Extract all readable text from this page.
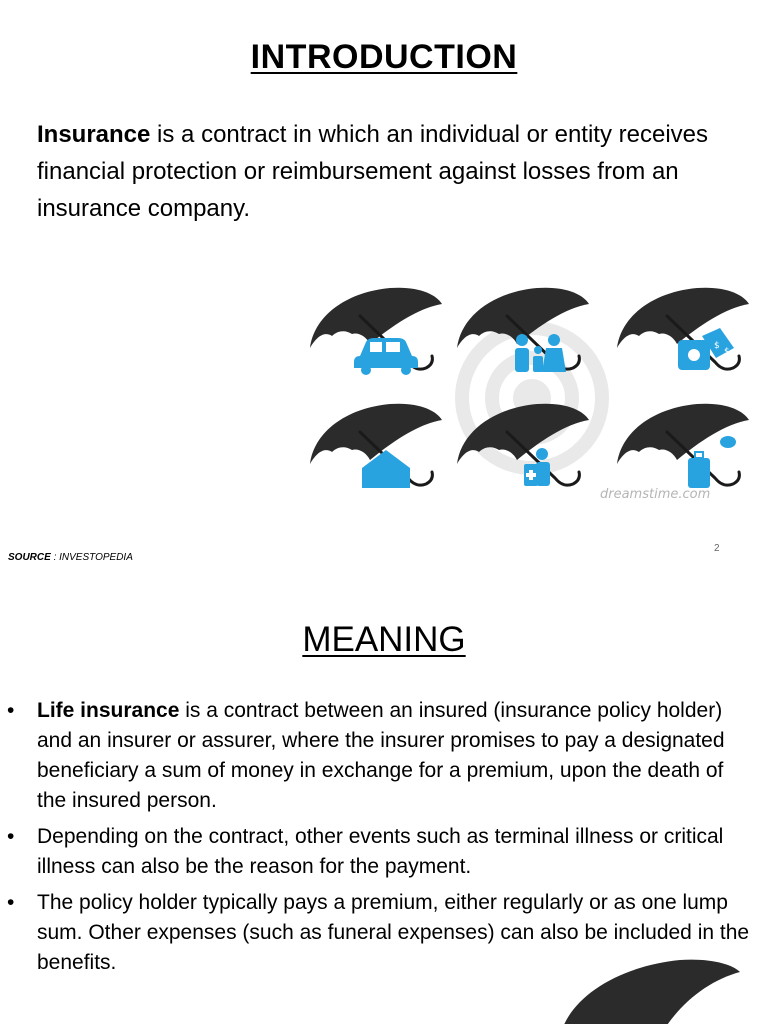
INTRODUCTION
Insurance is a contract in which an individual or entity receives financial protection or reimbursement against losses from an insurance company.
$
$
dreamstime.com
SOURCE : INVESTOPEDIA
2
MEANING
• Life insurance is a contract between an insured (insurance policy holder) and an insurer or assurer, where the insurer promises to pay a designated beneficiary a sum of money in exchange for a premium, upon the death of the insured person.
• Depending on the contract, other events such as terminal illness or critical illness can also be the reason for the payment.
• The policy holder typically pays a premium, either regularly or as one lump sum. Other expenses (such as funeral expenses) can also be included in the benefits.
